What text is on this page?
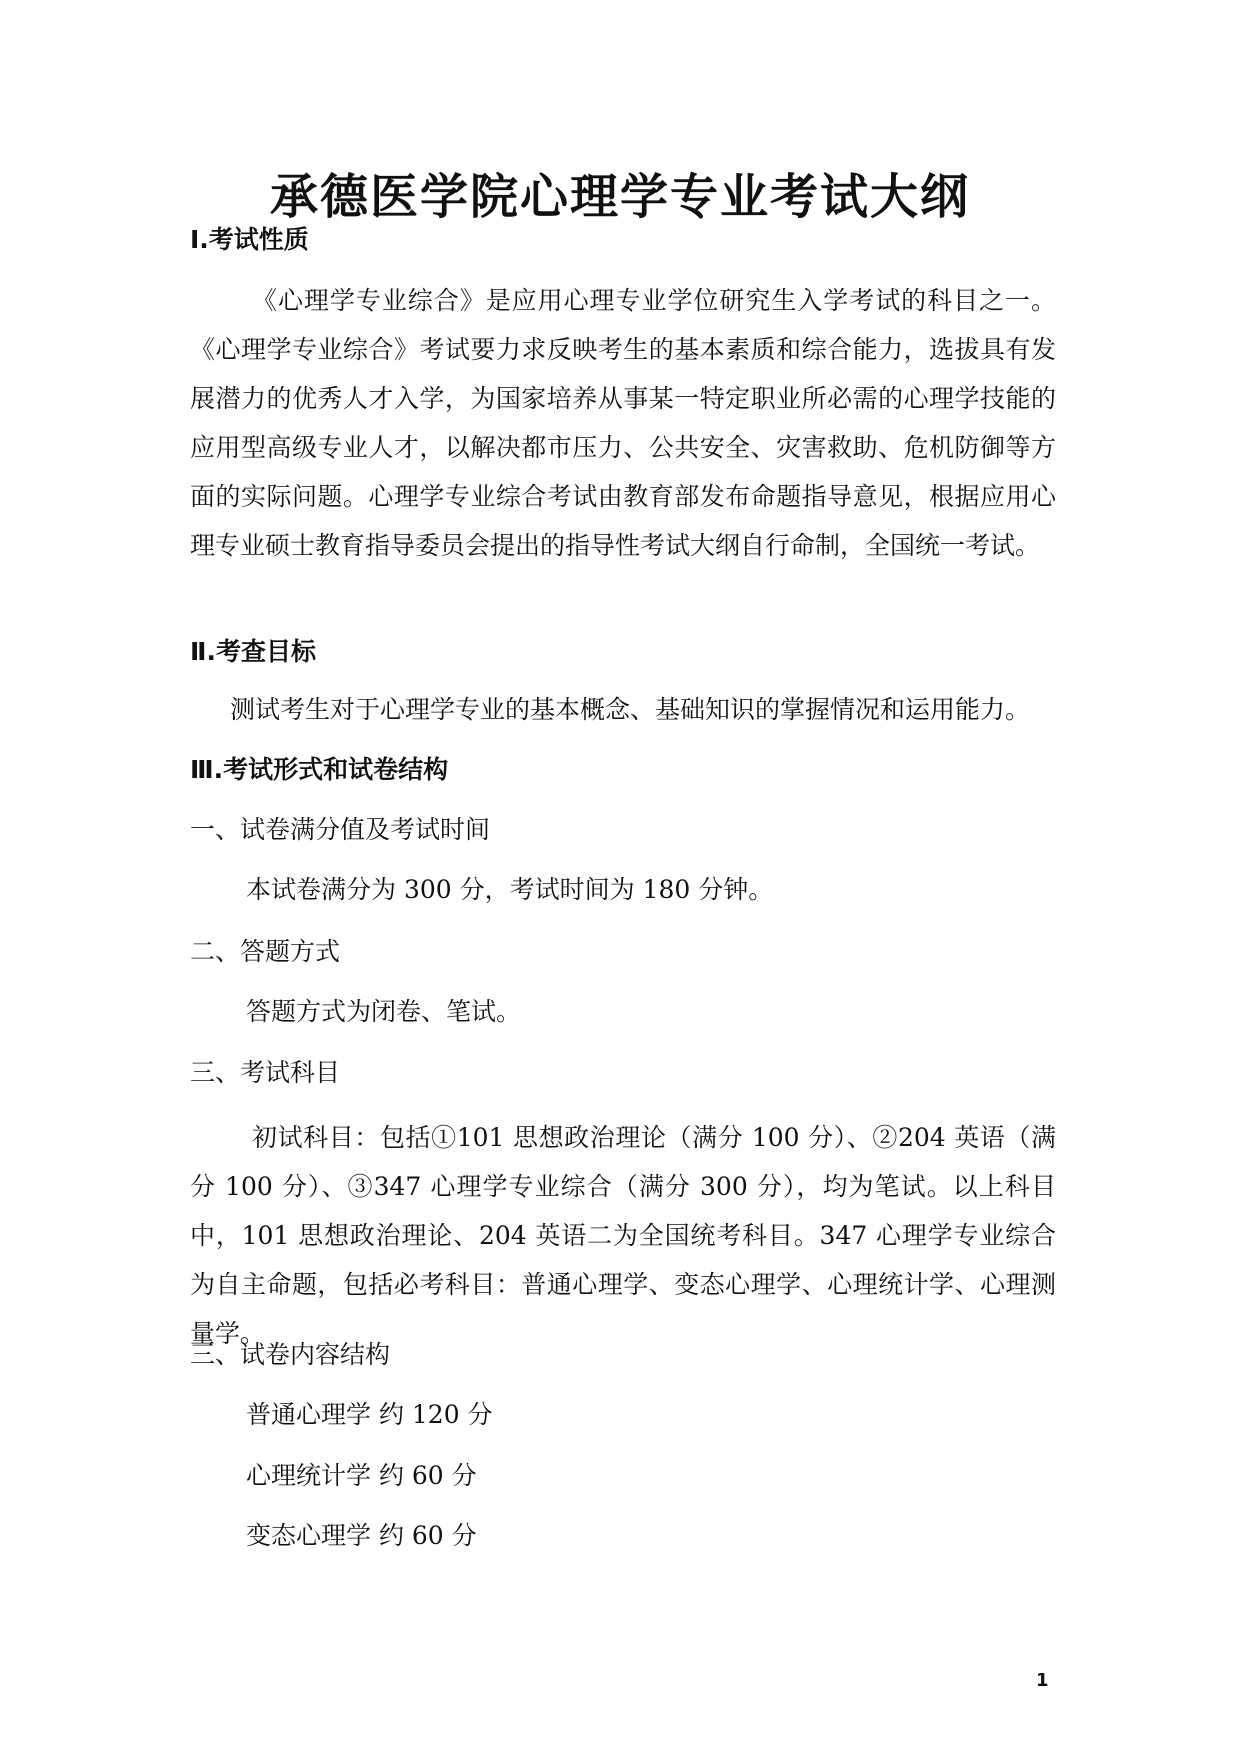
承德医学院心理学专业考试大纲
Ⅰ.考试性质

《心理学专业综合》是应用心理专业学位研究生入学考试的科目之一。《心理学专业综合》考试要力求反映考生的基本素质和综合能力，选拔具有发展潜力的优秀人才入学，为国家培养从事某一特定职业所必需的心理学技能的应用型高级专业人才，以解决都市压力、公共安全、灾害救助、危机防御等方面的实际问题。心理学专业综合考试由教育部发布命题指导意见，根据应用心理专业硕士教育指导委员会提出的指导性考试大纲自行命制，全国统一考试。

Ⅱ.考查目标
测试考生对于心理学专业的基本概念、基础知识的掌握情况和运用能力。
Ⅲ.考试形式和试卷结构
一、试卷满分值及考试时间
本试卷满分为 300 分，考试时间为 180 分钟。
二、答题方式
答题方式为闭卷、笔试。
三、考试科目

初试科目：包括①101 思想政治理论（满分 100 分）、②204 英语（满分 100 分）、③347 心理学专业综合（满分 300 分），均为笔试。以上科目中，101 思想政治理论、204 英语二为全国统考科目。347 心理学专业综合为自主命题，包括必考科目：普通心理学、变态心理学、心理统计学、心理测量学。

三、试卷内容结构
普通心理学 约 120 分
心理统计学 约 60 分
变态心理学 约 60 分
1
